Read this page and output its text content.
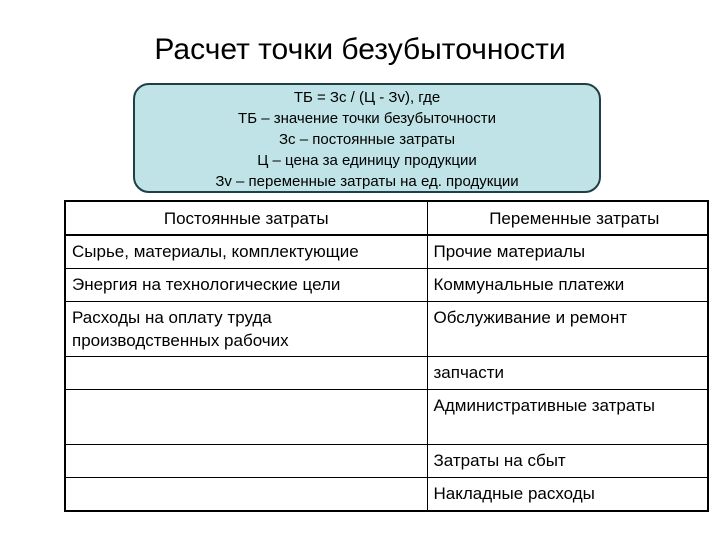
Расчет точки безубыточности
ТБ = Зс / (Ц - Зv), где
ТБ – значение точки безубыточности
Зс – постоянные затраты
Ц – цена за единицу продукции
Зv – переменные затраты на ед. продукции
Постоянные затраты	Переменные затраты
Сырье, материалы, комплектующие	Прочие материалы
Энергия на технологические цели	Коммунальные платежи
Расходы на оплату труда производственных рабочих	Обслуживание и ремонт
	запчасти
	Административные затраты
	Затраты на сбыт
	Накладные расходы
